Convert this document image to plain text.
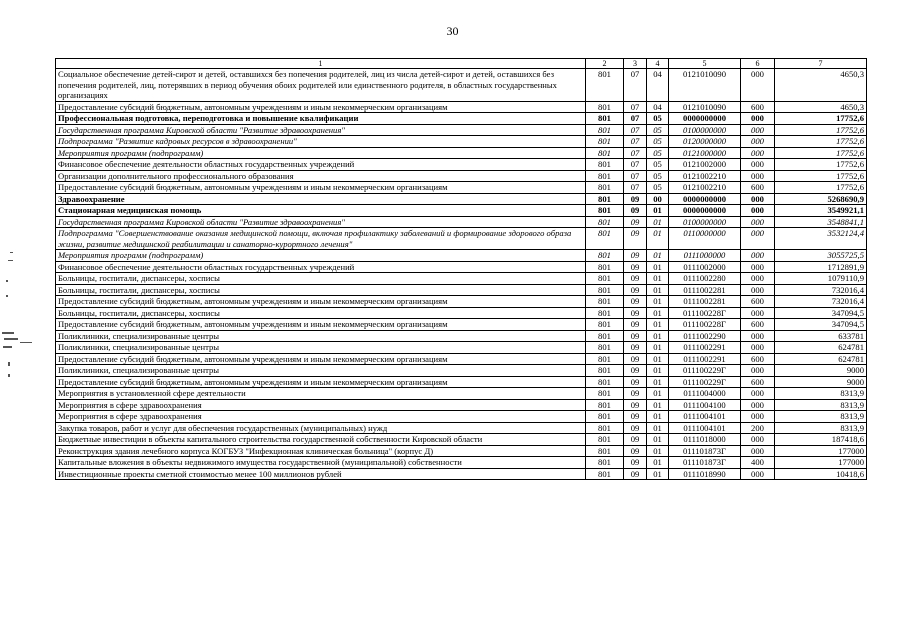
30
1	2	3	4	5	6	7
Социальное обеспечение детей-сирот и детей, оставшихся без попечения родителей, лиц из числа детей-сирот и детей, оставшихся без попечения родителей, лиц, потерявших в период обучения обоих родителей или единственного родителя, в областных государственных организациях	801	07	04	0121010090	000	4650,3
Предоставление субсидий бюджетным, автономным учреждениям и иным некоммерческим организациям	801	07	04	0121010090	600	4650,3
Профессиональная подготовка, переподготовка и повышение квалификации	801	07	05	0000000000	000	17752,6
Государственная программа Кировской области "Развитие здравоохранения"	801	07	05	0100000000	000	17752,6
Подпрограмма "Развитие кадровых ресурсов в здравоохранении"	801	07	05	0120000000	000	17752,6
Мероприятия программ (подпрограмм)	801	07	05	0121000000	000	17752,6
Финансовое обеспечение деятельности областных государственных учреждений	801	07	05	0121002000	000	17752,6
Организации дополнительного профессионального образования	801	07	05	0121002210	000	17752,6
Предоставление субсидий бюджетным, автономным учреждениям и иным некоммерческим организациям	801	07	05	0121002210	600	17752,6
Здравоохранение	801	09	00	0000000000	000	5268690,9
Стационарная медицинская помощь	801	09	01	0000000000	000	3549921,1
Государственная программа Кировской области "Развитие здравоохранения"	801	09	01	0100000000	000	3548841,1
Подпрограмма "Совершенствование оказания медицинской помощи, включая профилактику заболеваний и формирование здорового образа жизни, развитие медицинской реабилитации и санаторно-курортного лечения"	801	09	01	0110000000	000	3532124,4
Мероприятия программ (подпрограмм)	801	09	01	0111000000	000	3055725,5
Финансовое обеспечение деятельности областных государственных учреждений	801	09	01	0111002000	000	1712891,9
Больницы, госпитали, диспансеры, хосписы	801	09	01	0111002280	000	1079110,9
Больницы, госпитали, диспансеры, хосписы	801	09	01	0111002281	000	732016,4
Предоставление субсидий бюджетным, автономным учреждениям и иным некоммерческим организациям	801	09	01	0111002281	600	732016,4
Больницы, госпитали, диспансеры, хосписы	801	09	01	011100228Г	000	347094,5
Предоставление субсидий бюджетным, автономным учреждениям и иным некоммерческим организациям	801	09	01	011100228Г	600	347094,5
Поликлиники, специализированные центры	801	09	01	0111002290	000	633781
Поликлиники, специализированные центры	801	09	01	0111002291	000	624781
Предоставление субсидий бюджетным, автономным учреждениям и иным некоммерческим организациям	801	09	01	0111002291	600	624781
Поликлиники, специализированные центры	801	09	01	011100229Г	000	9000
Предоставление субсидий бюджетным, автономным учреждениям и иным некоммерческим организациям	801	09	01	011100229Г	600	9000
Мероприятия в установленной сфере деятельности	801	09	01	0111004000	000	8313,9
Мероприятия в сфере здравоохранения	801	09	01	0111004100	000	8313,9
Мероприятия в сфере здравоохранения	801	09	01	0111004101	000	8313,9
Закупка товаров, работ и услуг для обеспечения государственных (муниципальных) нужд	801	09	01	0111004101	200	8313,9
Бюджетные инвестиции в объекты капитального строительства государственной собственности Кировской области	801	09	01	0111018000	000	187418,6
Реконструкция здания лечебного корпуса КОГБУЗ "Инфекционная клиническая больница" (корпус Д)	801	09	01	011101873Г	000	177000
Капитальные вложения в объекты недвижимого имущества государственной (муниципальной) собственности	801	09	01	011101873Г	400	177000
Инвестиционные проекты сметной стоимостью менее 100 миллионов рублей	801	09	01	0111018990	000	10418,6
